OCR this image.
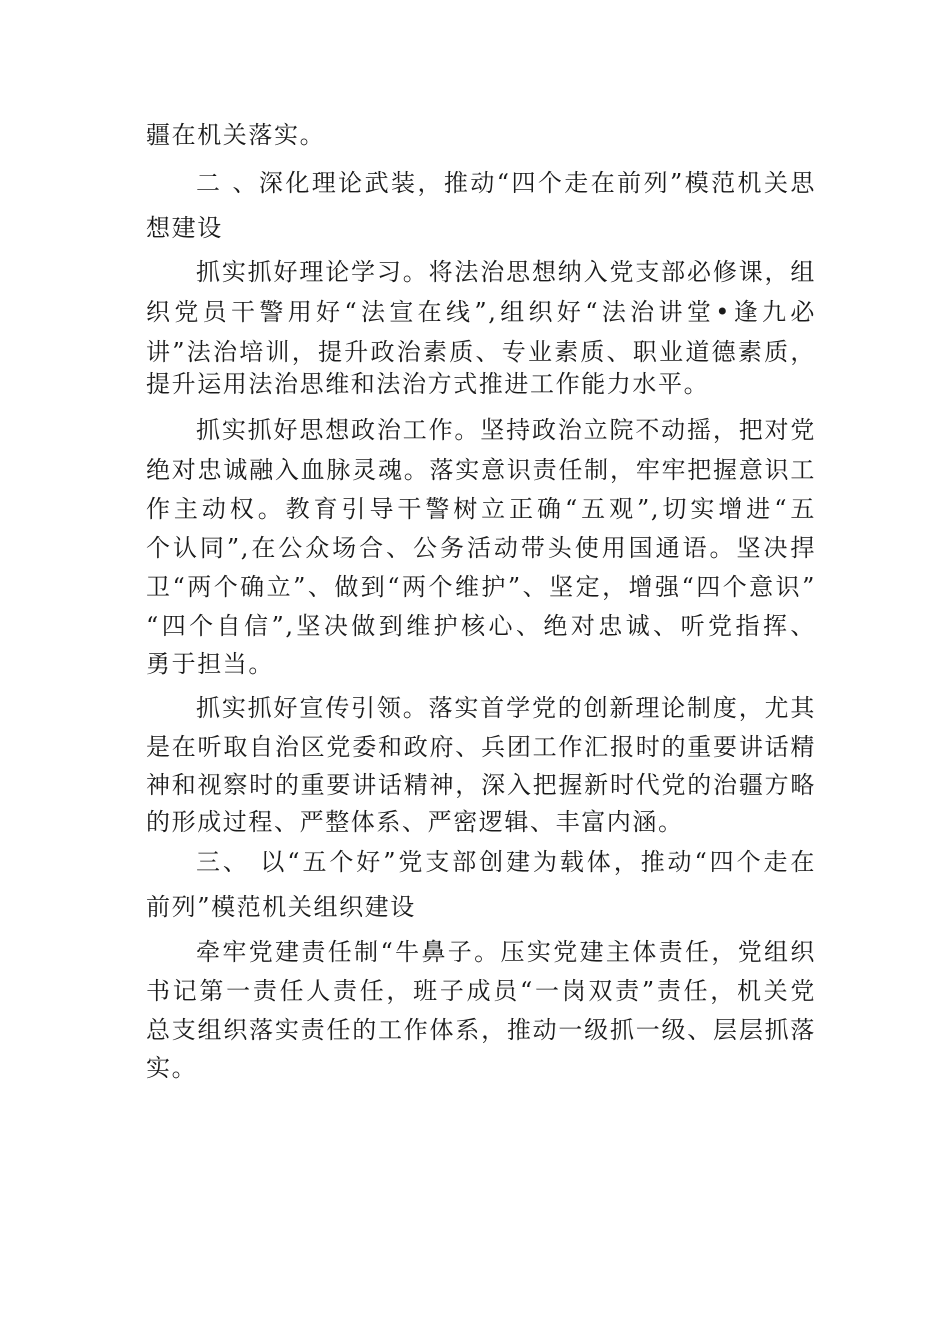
疆在机关落实。
二 、深化理论武装，推动“四个走在前列”模范机关思
想建设
抓实抓好理论学习。将法治思想纳入党支部必修课，组
织党员干警用好“法宣在线”,组织好“法治讲堂•逢九必
讲”法治培训，提升政治素质、专业素质、职业道德素质，
提升运用法治思维和法治方式推进工作能力水平。
抓实抓好思想政治工作。坚持政治立院不动摇，把对党
绝对忠诚融入血脉灵魂。落实意识责任制，牢牢把握意识工
作主动权。教育引导干警树立正确“五观”,切实增进“五
个认同”,在公众场合、公务活动带头使用国通语。坚决捍
卫“两个确立”、做到“两个维护”、坚定，增强“四个意识”
“四个自信”,坚决做到维护核心、绝对忠诚、听党指挥、
勇于担当。
抓实抓好宣传引领。落实首学党的创新理论制度，尤其
是在听取自治区党委和政府、兵团工作汇报时的重要讲话精
神和视察时的重要讲话精神，深入把握新时代党的治疆方略
的形成过程、严整体系、严密逻辑、丰富内涵。
三、 以“五个好”党支部创建为载体，推动“四个走在
前列”模范机关组织建设
牵牢党建责任制“牛鼻子。压实党建主体责任，党组织
书记第一责任人责任，班子成员“一岗双责”责任，机关党
总支组织落实责任的工作体系，推动一级抓一级、层层抓落
实。
